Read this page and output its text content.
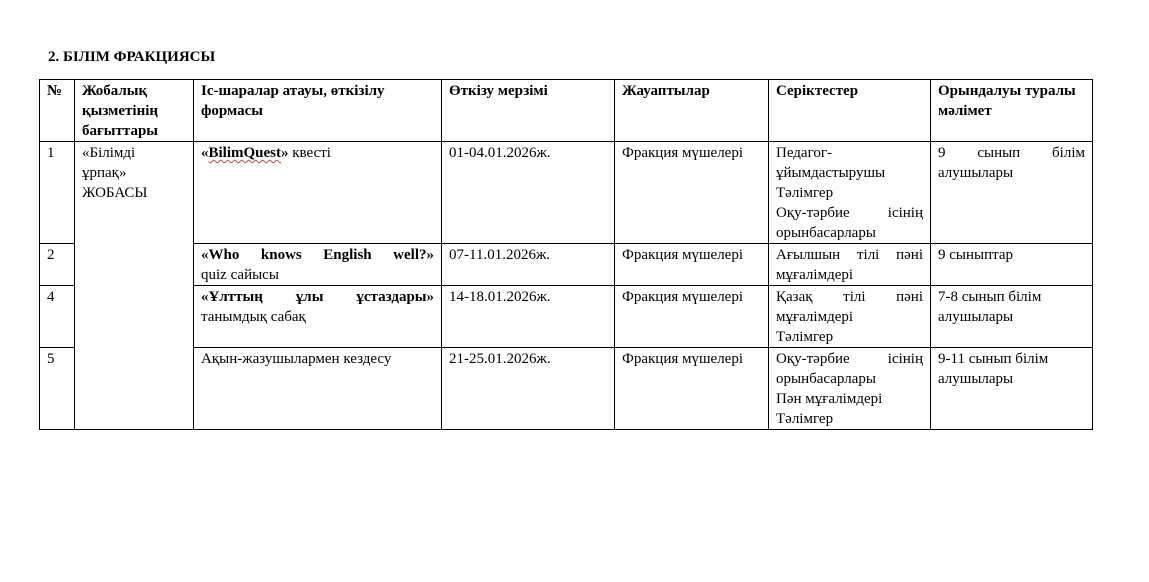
2. БІЛІМ ФРАКЦИЯСЫ
№	Жобалық қызметінің бағыттары	Іс-шаралар атауы, өткізілу формасы	Өткізу мерзімі	Жауаптылар	Серіктестер	Орындалуы туралы мәлімет
1	«Білімді
ұрпақ»
ЖОБАСЫ	«BilimQuest» квесті	01-04.01.2026ж.	Фракция мүшелері	Педагог-
ұйымдастырушы
Тәлімгер
Оқу-тәрбие ісінің
орынбасарлары	9 сынып білім
алушылары

2		«Who knows English well?»
quiz сайысы	07-11.01.2026ж.	Фракция мүшелері	Ағылшын тілі пәні
мұғалімдері	9 сыныптар

4		«Ұлттың ұлы ұстаздары»
танымдық сабақ	14-18.01.2026ж.	Фракция мүшелері	Қазақ тілі пәні
мұғалімдері
Тәлімгер	7-8 сынып білім
алушылары

5		Ақын-жазушылармен кездесу	21-25.01.2026ж.	Фракция мүшелері	Оқу-тәрбие ісінің
орынбасарлары
Пән мұғалімдері
Тәлімгер	9-11 сынып білім
алушылары
